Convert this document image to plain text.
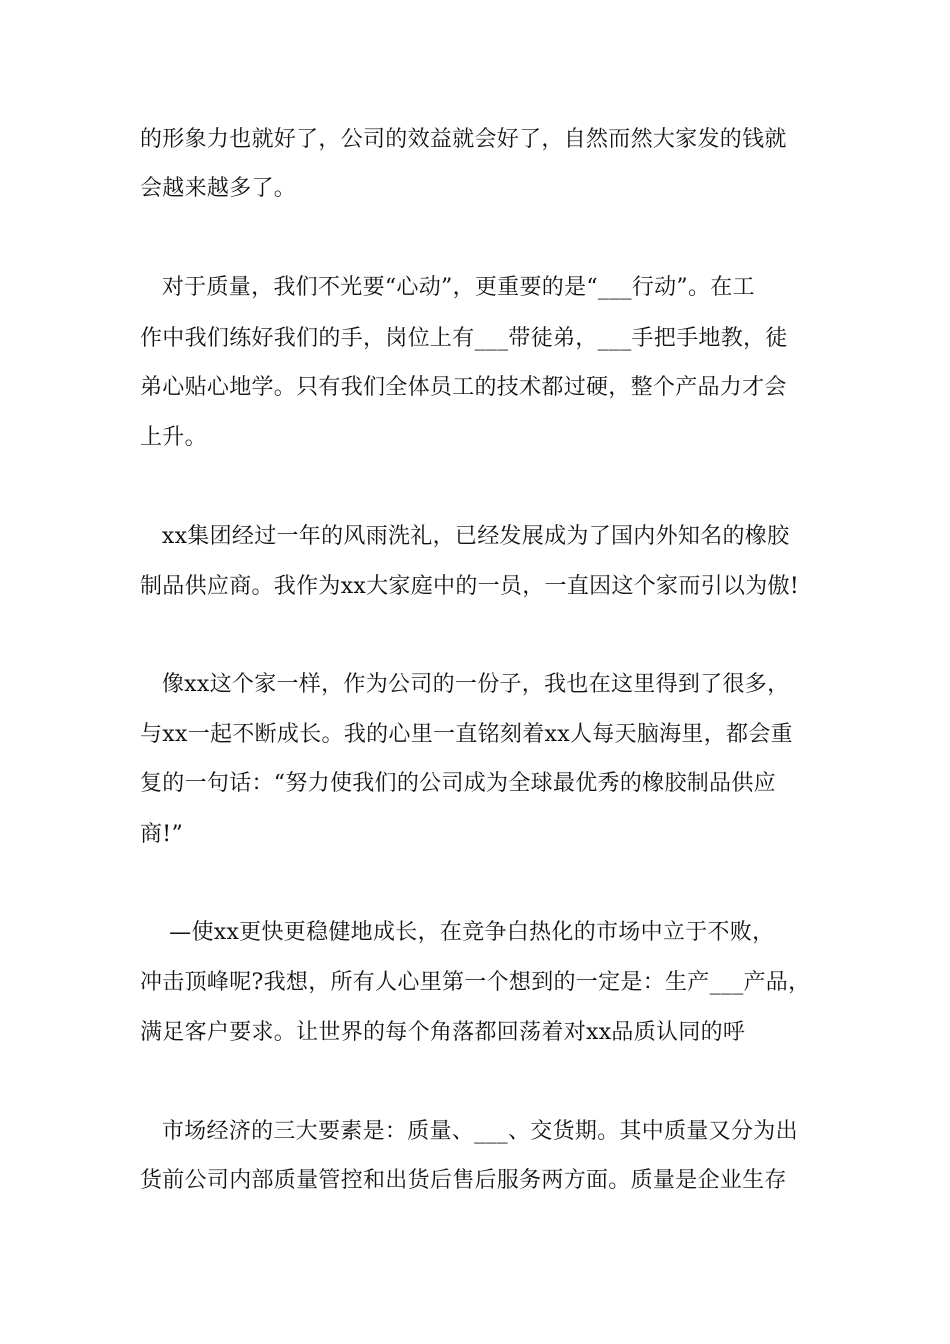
的形象力也就好了，公司的效益就会好了，自然而然大家发的钱就
会越来越多了。
对于质量，我们不光要“心动”，更重要的是“___行动”。在工
作中我们练好我们的手，岗位上有___带徒弟，___手把手地教，徒
弟心贴心地学。只有我们全体员工的技术都过硬，整个产品力才会
上升。
xx集团经过一年的风雨洗礼，已经发展成为了国内外知名的橡胶
制品供应商。我作为xx大家庭中的一员，一直因这个家而引以为傲!
像xx这个家一样，作为公司的一份子，我也在这里得到了很多，
与xx一起不断成长。我的心里一直铭刻着xx人每天脑海里，都会重
复的一句话：“努力使我们的公司成为全球最优秀的橡胶制品供应
商!”
—使xx更快更稳健地成长，在竞争白热化的市场中立于不败，
冲击顶峰呢?我想，所有人心里第一个想到的一定是：生产___产品，
满足客户要求。让世界的每个角落都回荡着对xx品质认同的呼
市场经济的三大要素是：质量、___、交货期。其中质量又分为出
货前公司内部质量管控和出货后售后服务两方面。质量是企业生存
